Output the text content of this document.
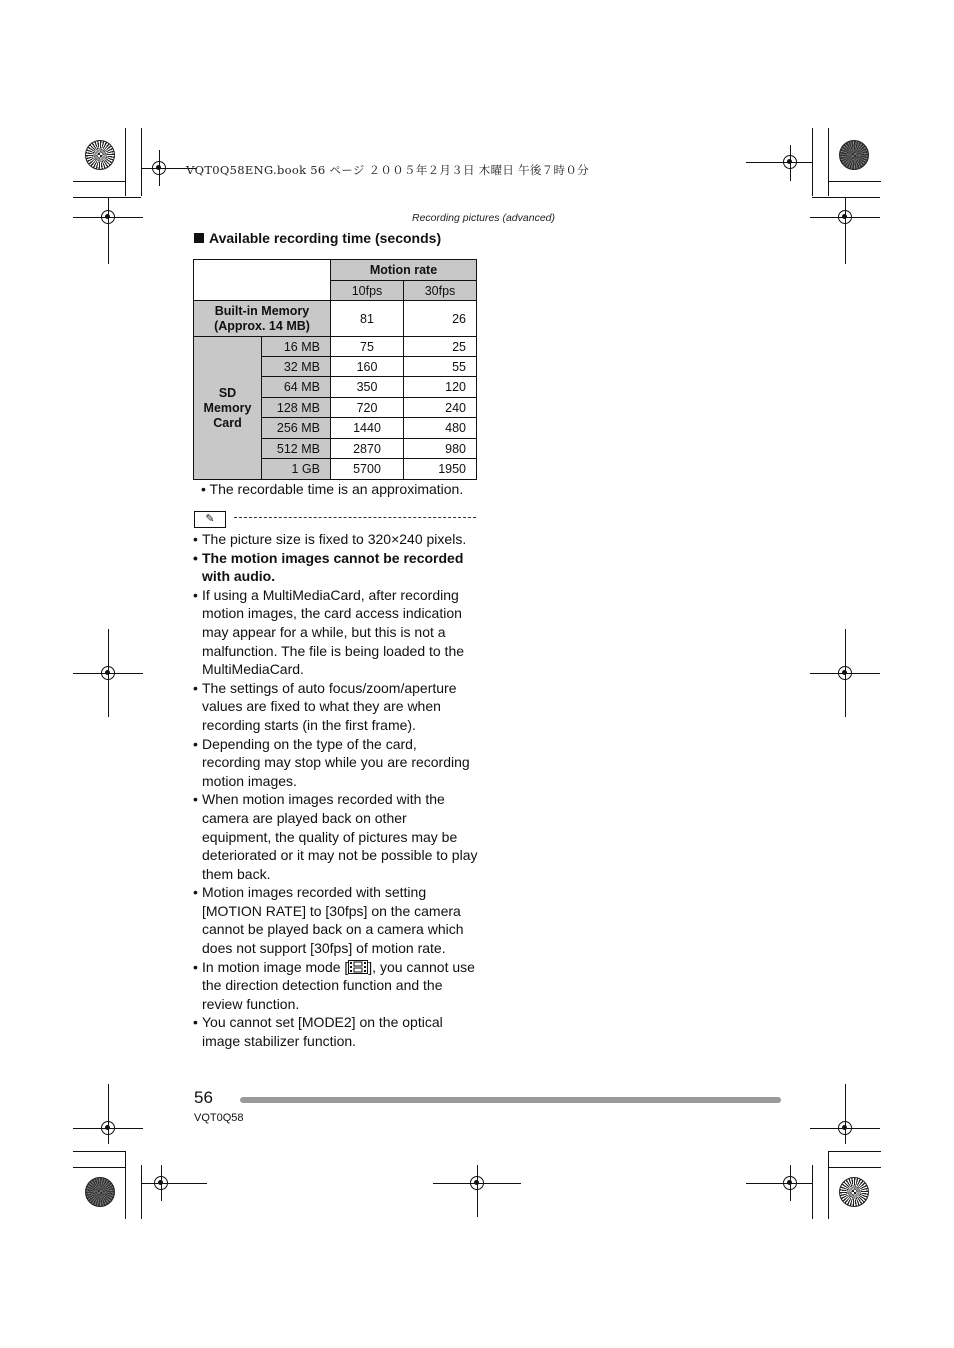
VQT0Q58ENG.book 56 ページ ２００５年２月３日 木曜日 午後７時０分
Recording pictures (advanced)
Available recording time (seconds)
		Motion rate	
		10fps	30fps

Built-in Memory
(Approx. 14 MB)		81	26

SD
Memory
Card	16 MB	75	25
	32 MB	160	55
	64 MB	350	120
	128 MB	720	240
	256 MB	1440	480
	512 MB	2870	980
	1 GB	5700	1950
• The recordable time is an approximation.
✎
• The picture size is fixed to 320×240 pixels.
• The motion images cannot be recorded with audio.
• If using a MultiMediaCard, after recording motion images, the card access indication may appear for a while, but this is not a malfunction. The file is being loaded to the MultiMediaCard.
• The settings of auto focus/zoom/aperture values are fixed to what they are when recording starts (in the first frame).
• Depending on the type of the card, recording may stop while you are recording motion images.
• When motion images recorded with the camera are played back on other equipment, the quality of pictures may be deteriorated or it may not be possible to play them back.
• Motion images recorded with setting [MOTION RATE] to [30fps] on the camera cannot be played back on a camera which does not support [30fps] of motion rate.
• In motion image mode [ ], you cannot use the direction detection function and the review function.
• You cannot set [MODE2] on the optical image stabilizer function.
56
VQT0Q58
